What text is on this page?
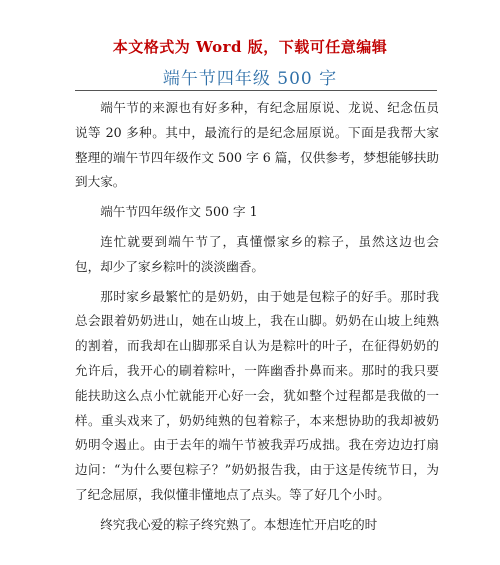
本文格式为 Word 版，下载可任意编辑
端午节四年级 500 字

端午节的来源也有好多种，有纪念屈原说、龙说、纪念伍员说等 20 多种。其中，最流行的是纪念屈原说。下面是我帮大家整理的端午节四年级作文 500 字 6 篇，仅供参考，梦想能够扶助到大家。

端午节四年级作文 500 字 1

连忙就要到端午节了，真懂憬家乡的粽子，虽然这边也会包，却少了家乡粽叶的淡淡幽香。

那时家乡最繁忙的是奶奶，由于她是包粽子的好手。那时我总会跟着奶奶进山，她在山坡上，我在山脚。奶奶在山坡上纯熟的割着，而我却在山脚那采自认为是粽叶的叶子，在征得奶奶的允许后，我开心的刷着粽叶，一阵幽香扑鼻而来。那时的我只要能扶助这么点小忙就能开心好一会，犹如整个过程都是我做的一样。重头戏来了，奶奶纯熟的包着粽子，本来想协助的我却被奶奶明令遏止。由于去年的端午节被我弄巧成拙。我在旁边边打扇边问：“为什么要包粽子？”奶奶报告我，由于这是传统节日，为了纪念屈原，我似懂非懂地点了点头。等了好几个小时。

终究我心爱的粽子终究熟了。本想连忙开启吃的时
